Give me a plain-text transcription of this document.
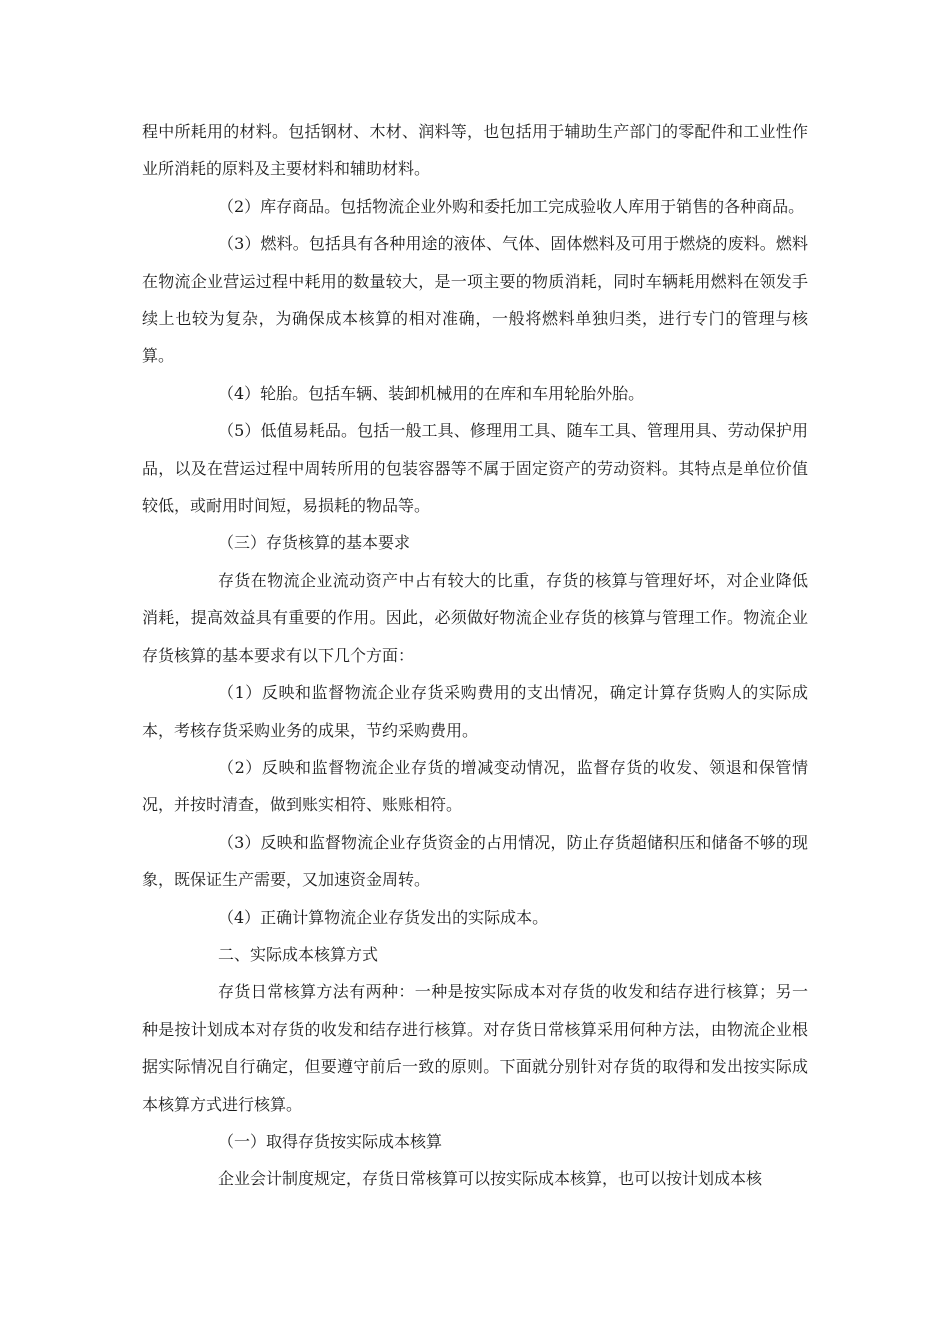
程中所耗用的材料。包括钢材、木材、润料等，也包括用于辅助生产部门的零配件和工业性作业所消耗的原料及主要材料和辅助材料。

（2）库存商品。包括物流企业外购和委托加工完成验收人库用于销售的各种商品。

（3）燃料。包括具有各种用途的液体、气体、固体燃料及可用于燃烧的废料。燃料在物流企业营运过程中耗用的数量较大，是一项主要的物质消耗，同时车辆耗用燃料在领发手续上也较为复杂，为确保成本核算的相对准确，一般将燃料单独归类，进行专门的管理与核算。

（4）轮胎。包括车辆、装卸机械用的在库和车用轮胎外胎。

（5）低值易耗品。包括一般工具、修理用工具、随车工具、管理用具、劳动保护用品，以及在营运过程中周转所用的包装容器等不属于固定资产的劳动资料。其特点是单位价值较低，或耐用时间短，易损耗的物品等。

（三）存货核算的基本要求

存货在物流企业流动资产中占有较大的比重，存货的核算与管理好坏，对企业降低消耗，提高效益具有重要的作用。因此，必须做好物流企业存货的核算与管理工作。物流企业存货核算的基本要求有以下几个方面：

（1）反映和监督物流企业存货采购费用的支出情况，确定计算存货购人的实际成本，考核存货采购业务的成果，节约采购费用。

（2）反映和监督物流企业存货的增减变动情况，监督存货的收发、领退和保管情况，并按时清查，做到账实相符、账账相符。

（3）反映和监督物流企业存货资金的占用情况，防止存货超储积压和储备不够的现象，既保证生产需要，又加速资金周转。

（4）正确计算物流企业存货发出的实际成本。

二、实际成本核算方式

存货日常核算方法有两种：一种是按实际成本对存货的收发和结存进行核算；另一种是按计划成本对存货的收发和结存进行核算。对存货日常核算采用何种方法，由物流企业根据实际情况自行确定，但要遵守前后一致的原则。下面就分别针对存货的取得和发出按实际成本核算方式进行核算。

（一）取得存货按实际成本核算

企业会计制度规定，存货日常核算可以按实际成本核算，也可以按计划成本核
